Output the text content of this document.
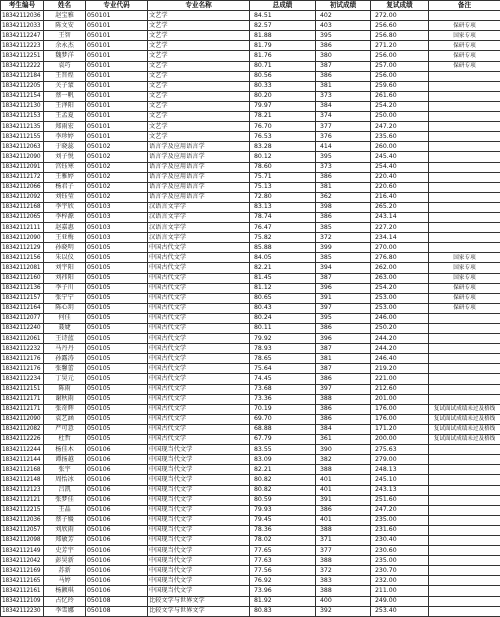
考生编号	姓名	专业代码	专业名称	总成绩	初试成绩	复试成绩	备注
18342112036	赵宝雅	050101	文艺学	84.51	402	272.00	
18342112033	陈文安	050101	文艺学	82.57	403	256.60	保研专项
18342112247	王智	050101	文艺学	81.88	395	256.80	国家专项
18342112223	余永杰	050101	文艺学	81.79	386	271.20	保研专项
18342112251	魏梦洋	050101	文艺学	81.76	380	256.00	保研专项
18342112222	袁巧	050101	文艺学	80.71	387	257.00	保研专项
18342112184	王晋煌	050101	文艺学	80.56	386	256.00	
18342112205	关子蒙	050101	文艺学	80.33	381	259.60	
18342112154	蔡一帆	050101	文艺学	80.20	373	261.60	
18342112130	王泽阳	050101	文艺学	79.97	384	254.20	
18342112153	王孟夏	050101	文艺学	78.21	374	250.00	
18342112135	郑雨宏	050101	文艺学	76.70	377	247.20	
18342112155	李珍婷	050101	文艺学	76.53	376	235.60	
18342112063	于晓蕊	050102	语言学及应用语言学	83.28	414	260.00	
18342112090	刘子悦	050102	语言学及应用语言学	80.12	395	245.40	
18342112091	宫钰寒	050102	语言学及应用语言学	78.60	373	254.40	
18342112172	王雅婷	050102	语言学及应用语言学	75.71	386	220.40	
18342112066	杨君子	050102	语言学及应用语言学	75.13	381	220.60	
18342112092	刘钰莹	050102	语言学及应用语言学	72.80	362	216.40	
18342112168	李宇欣	050103	汉语言文字学	83.13	398	265.20	
18342112065	李梓源	050103	汉语言文字学	78.74	386	243.14	
18342112111	赵嘉惠	050103	汉语言文字学	76.47	385	227.20	
18342112090	王亚梅	050103	汉语言文字学	75.82	372	234.14	
18342112129	孙晓明	050105	中国古代文学	85.88	399	270.00	
18342112156	朱以仪	050105	中国古代文学	84.05	385	276.80	国家专项
18342112081	刘宇阳	050105	中国古代文学	82.21	394	262.00	国家专项
18342112160	刘祎阳	050105	中国古代文学	81.45	387	263.00	国家专项
18342112136	李子川	050105	中国古代文学	81.12	396	254.20	保研专项
18342112157	张宁宁	050105	中国古代文学	80.65	391	253.00	保研专项
18342112164	陈心玥	050105	中国古代文学	80.43	397	253.00	保研专项
18342112077	何佳	050105	中国古代文学	80.24	395	246.00	
18342112240	聂婕	050105	中国古代文学	80.11	386	250.20	
18342112061	王诗蓝	050105	中国古代文学	79.92	396	244.20	
18342112232	马丹丹	050105	中国古代文学	78.93	387	244.20	
18342112176	孙露涛	050105	中国古代文学	78.65	381	246.40	
18342112176	张馨蕾	050105	中国古代文学	75.64	387	219.20	
18342112234	丁昊元	050105	中国古代文学	74.45	386	221.00	
18342112151	陈雨	050105	中国古代文学	73.68	397	212.60	
18342112171	谢秋雨	050105	中国古代文学	73.36	388	201.00	
18342112171	张奇辉	050105	中国古代文学	70.19	386	176.00	复试面试成绩未过及格线
18342112090	袁艺涵	050105	中国古代文学	69.70	386	176.00	复试面试成绩未过及格线
18342112082	严可意	050105	中国古代文学	68.88	384	171.20	复试面试成绩未过及格线
18342112226	杜哲	050105	中国古代文学	67.79	361	200.00	复试面试成绩未过及格线
18342112244	杨佳木	050106	中国现当代文学	83.55	390	275.63	
18342112144	谭扬越	050106	中国现当代文学	83.09	382	279.00	
18342112168	张宇	050106	中国现当代文学	82.21	388	248.13	
18342112148	周怡冰	050106	中国现当代文学	80.82	401	245.10	
18342112123	吕凯	050106	中国现当代文学	80.82	401	243.13	
18342112121	张梦佳	050106	中国现当代文学	80.59	391	251.60	
18342112215	王晶	050106	中国现当代文学	79.93	386	247.20	
18342112036	蔡子媛	050106	中国现当代文学	79.45	401	235.00	
18342112057	刘欣雨	050106	中国现当代文学	78.36	388	231.60	
18342112098	郑敏芳	050106	中国现当代文学	78.02	371	230.40	
18342112149	史芳宇	050106	中国现当代文学	77.65	377	230.60	
18342112042	彭昊新	050106	中国现当代文学	77.63	388	235.00	
18342112169	苏新	050106	中国现当代文学	77.56	372	230.70	
18342112165	马婷	050106	中国现当代文学	76.92	383	232.00	
18342112161	杨颢琪	050106	中国现当代文学	73.96	388	211.00	
18342112109	占忆玲	050108	比较文学与世界文学	81.92	400	249.00	
18342112230	李雪娜	050108	比较文学与世界文学	80.83	392	253.40	
